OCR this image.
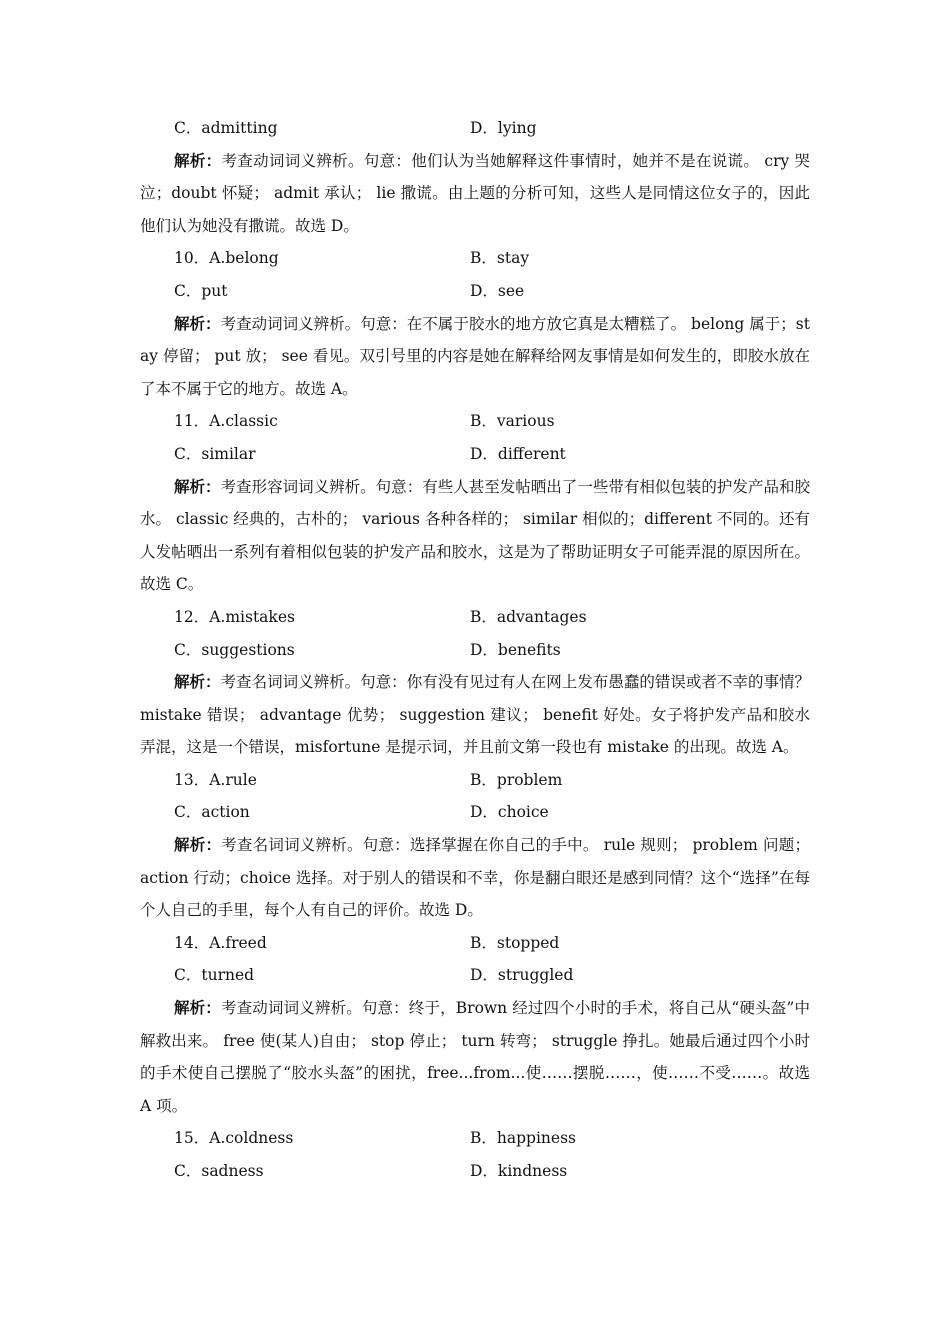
C．admitting	D．lying

解析：考查动词词义辨析。句意：他们认为当她解释这件事情时，她并不是在说谎。 cry 哭泣；doubt 怀疑； admit 承认； lie 撒谎。由上题的分析可知，这些人是同情这位女子的，因此他们认为她没有撒谎。故选 D。

10．A.belong	B．stay
C．put	D．see

解析：考查动词词义辨析。句意：在不属于胶水的地方放它真是太糟糕了。 belong 属于；stay 停留； put 放； see 看见。双引号里的内容是她在解释给网友事情是如何发生的，即胶水放在了本不属于它的地方。故选 A。

11．A.classic	B．various
C．similar	D．different

解析：考查形容词词义辨析。句意：有些人甚至发帖晒出了一些带有相似包装的护发产品和胶水。 classic 经典的，古朴的； various 各种各样的； similar 相似的；different 不同的。还有人发帖晒出一系列有着相似包装的护发产品和胶水，这是为了帮助证明女子可能弄混的原因所在。故选 C。

12．A.mistakes	B．advantages
C．suggestions	D．benefits

解析：考查名词词义辨析。句意：你有没有见过有人在网上发布愚蠢的错误或者不幸的事情？ mistake 错误； advantage 优势； suggestion 建议； benefit 好处。女子将护发产品和胶水弄混，这是一个错误，misfortune 是提示词，并且前文第一段也有 mistake 的出现。故选 A。

13．A.rule	B．problem
C．action	D．choice

解析：考查名词词义辨析。句意：选择掌握在你自己的手中。 rule 规则； problem 问题；action 行动；choice 选择。对于别人的错误和不幸，你是翻白眼还是感到同情？这个“选择”在每个人自己的手里，每个人有自己的评价。故选 D。

14．A.freed	B．stopped
C．turned	D．struggled

解析：考查动词词义辨析。句意：终于，Brown 经过四个小时的手术，将自己从“硬头盔”中解救出来。 free 使(某人)自由； stop 停止； turn 转弯； struggle 挣扎。她最后通过四个小时的手术使自己摆脱了“胶水头盔”的困扰，free...from...使……摆脱……，使……不受……。故选 A 项。

15．A.coldness	B．happiness
C．sadness	D．kindness
